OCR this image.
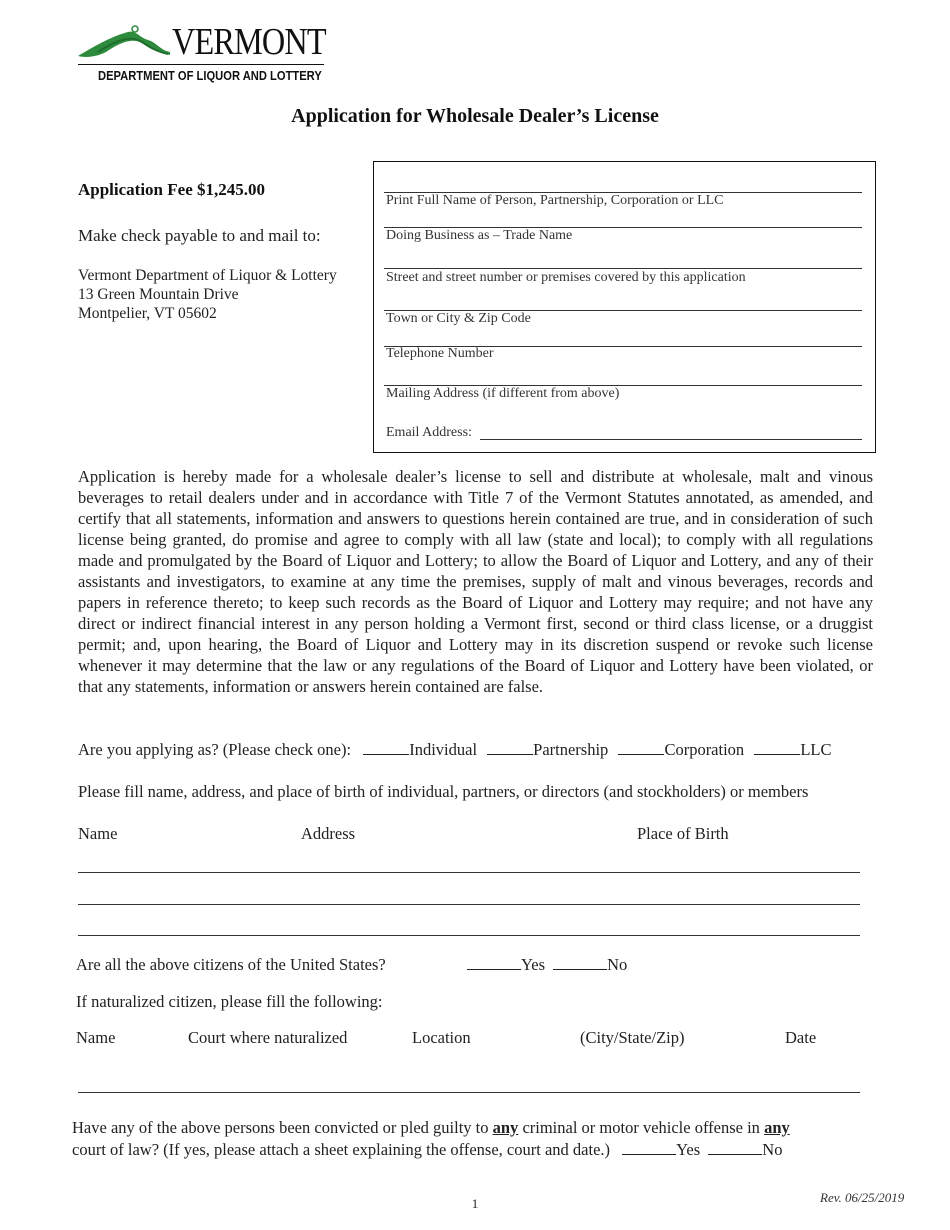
VERMONT
DEPARTMENT OF LIQUOR AND LOTTERY
Application for Wholesale Dealer’s License
Application Fee $1,245.00
Make check payable to and mail to:
Vermont Department of Liquor & Lottery
13 Green Mountain Drive
Montpelier, VT 05602
Print Full Name of Person, Partnership, Corporation or LLC
Doing Business as – Trade Name
Street and street number or premises covered by this application
Town or City & Zip Code
Telephone Number
Mailing Address (if different from above)
Email Address:
Application is hereby made for a wholesale dealer’s license to sell and distribute at wholesale, malt and vinous beverages to retail dealers under and in accordance with Title 7 of the Vermont Statutes annotated, as amended, and certify that all statements, information and answers to questions herein contained are true, and in consideration of such license being granted, do promise and agree to comply with all law (state and local); to comply with all regulations made and promulgated by the Board of Liquor and Lottery; to allow the Board of Liquor and Lottery, and any of their assistants and investigators, to examine at any time the premises, supply of malt and vinous beverages, records and papers in reference thereto; to keep such records as the Board of Liquor and Lottery may require; and not have any direct or indirect financial interest in any person holding a Vermont first, second or third class license, or a druggist permit; and, upon hearing, the Board of Liquor and Lottery may in its discretion suspend or revoke such license whenever it may determine that the law or any regulations of the Board of Liquor and Lottery have been violated, or that any statements, information or answers herein contained are false.
Are you applying as? (Please check one):	Individual	Partnership	Corporation	LLC
Please fill name, address, and place of birth of individual, partners, or directors (and stockholders) or members
Name	Address	Place of Birth
Are all the above citizens of the United States?	Yes	No
If naturalized citizen, please fill the following:
Name	Court where naturalized	Location	(City/State/Zip)	Date
Have any of the above persons been convicted or pled guilty to any criminal or motor vehicle offense in any
court of law? (If yes, please attach a sheet explaining the offense, court and date.)	Yes	No
1	Rev. 06/25/2019
